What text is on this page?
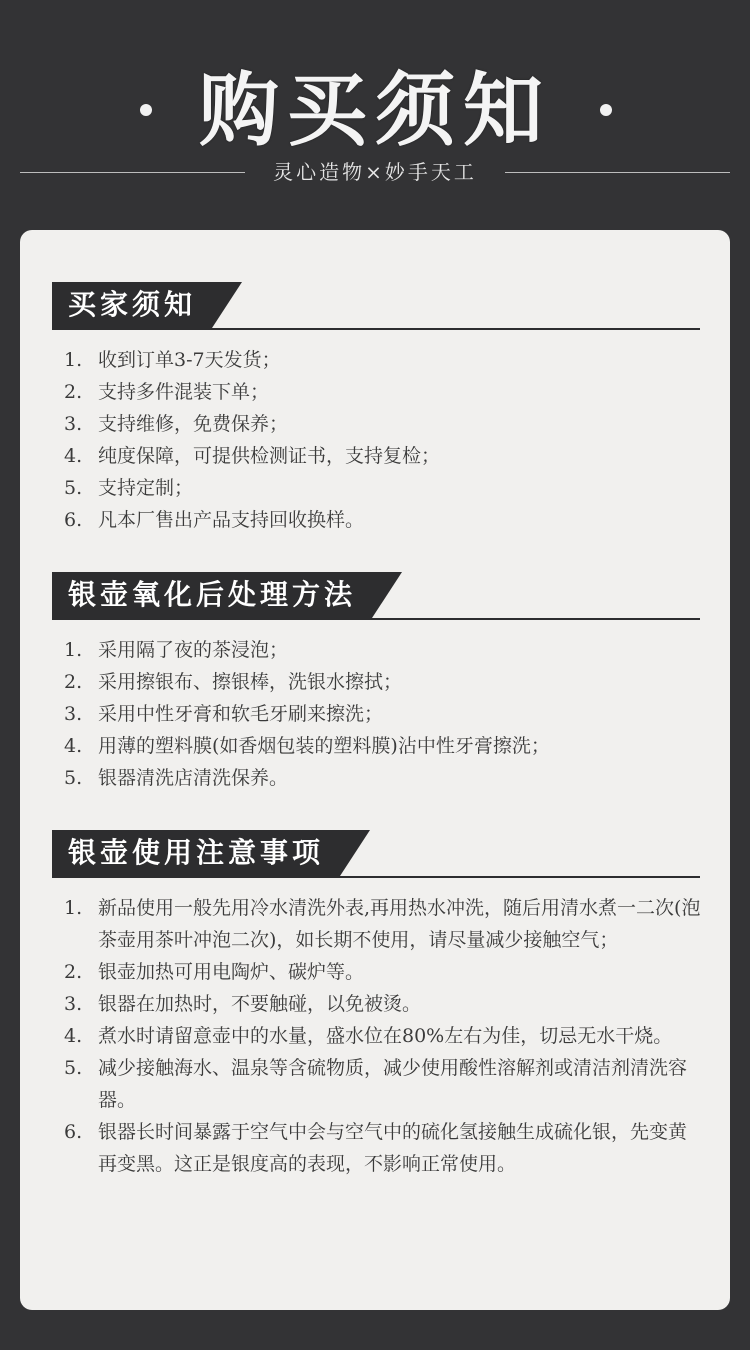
购买须知
灵心造物×妙手天工
买家须知
1. 收到订单3-7天发货；
2. 支持多件混装下单；
3. 支持维修，免费保养；
4. 纯度保障，可提供检测证书，支持复检；
5. 支持定制；
6. 凡本厂售出产品支持回收换样。
银壶氧化后处理方法
1. 采用隔了夜的茶浸泡；
2. 采用擦银布、擦银棒，洗银水擦拭；
3. 采用中性牙膏和软毛牙刷来擦洗；
4. 用薄的塑料膜(如香烟包装的塑料膜)沾中性牙膏擦洗；
5. 银器清洗店清洗保养。
银壶使用注意事项
1. 新品使用一般先用冷水清洗外表,再用热水冲洗，随后用清水煮一二次(泡茶壶用茶叶冲泡二次)，如长期不使用，请尽量减少接触空气；
2. 银壶加热可用电陶炉、碳炉等。
3. 银器在加热时，不要触碰，以免被烫。
4. 煮水时请留意壶中的水量，盛水位在80%左右为佳，切忌无水干烧。
5. 减少接触海水、温泉等含硫物质，减少使用酸性溶解剂或清洁剂清洗容器。
6. 银器长时间暴露于空气中会与空气中的硫化氢接触生成硫化银，先变黄再变黑。这正是银度高的表现，不影响正常使用。
